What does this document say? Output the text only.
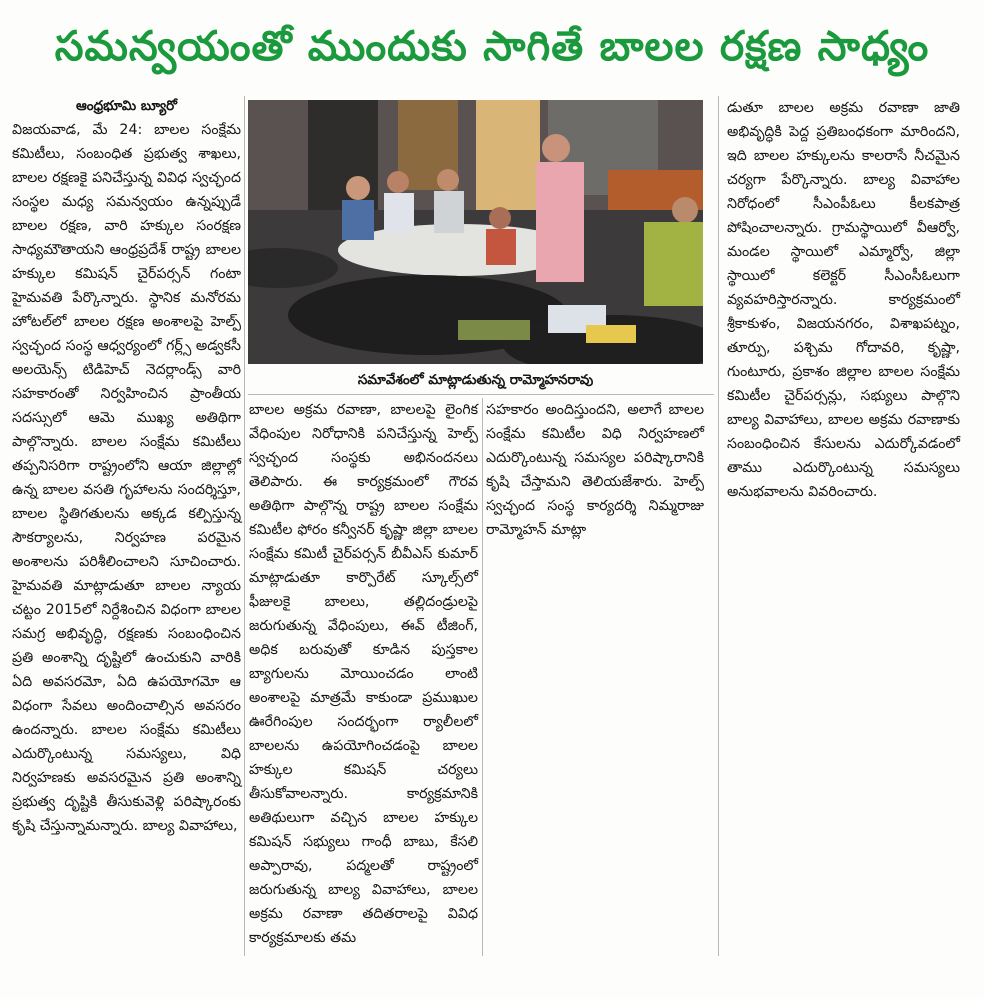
సమన్వయంతో ముందుకు సాగితే బాలల రక్షణ సాధ్యం
ఆంధ్రభూమి బ్యూరో

విజయవాడ, మే 24: బాలల సంక్షేమ కమిటీలు, సంబంధిత ప్రభుత్వ శాఖలు, బాలల రక్షణకై పనిచేస్తున్న వివిధ స్వచ్ఛంద సంస్థల మధ్య సమన్వయం ఉన్నప్పుడే బాలల రక్షణ, వారి హక్కుల సంరక్షణ సాధ్యమౌతాయని ఆంధ్రప్రదేశ్ రాష్ట్ర బాలల హక్కుల కమిషన్ చైర్‌పర్సన్ గంటా హైమవతి పేర్కొన్నారు. స్థానిక మనోరమ హోటల్‌లో బాలల రక్షణ అంశాలపై హెల్ప్ స్వచ్ఛంద సంస్థ ఆధ్వర్యంలో గర్ల్స్ అడ్వకసీ అలయెన్స్ టిడిహెచ్ నెదర్లాండ్స్ వారి సహకారంతో నిర్వహించిన ప్రాంతీయ సదస్సులో ఆమె ముఖ్య అతిథిగా పాల్గొన్నారు. బాలల సంక్షేమ కమిటీలు తప్పనిసరిగా రాష్ట్రంలోని ఆయా జిల్లాల్లో ఉన్న బాలల వసతి గృహాలను సందర్శిస్తూ, బాలల స్థితిగతులను అక్కడ కల్పిస్తున్న సౌకర్యాలను, నిర్వహణ పరమైన అంశాలను పరిశీలించాలని సూచించారు. హైమవతి మాట్లాడుతూ బాలల న్యాయ చట్టం 2015లో నిర్దేశించిన విధంగా బాలల సమగ్ర అభివృద్ధి, రక్షణకు సంబంధించిన ప్రతి అంశాన్ని దృష్టిలో ఉంచుకుని వారికి ఏది అవసరమో, ఏది ఉపయోగమో ఆ విధంగా సేవలు అందించాల్సిన అవసరం ఉందన్నారు. బాలల సంక్షేమ కమిటీలు ఎదుర్కొంటున్న సమస్యలు, విధి నిర్వహణకు అవసరమైన ప్రతి అంశాన్ని ప్రభుత్వ దృష్టికి తీసుకువెళ్లి పరిష్కారంకు కృషి చేస్తున్నామన్నారు. బాల్య వివాహాలు,

సమావేశంలో మాట్లాడుతున్న రామ్మోహనరావు

బాలల అక్రమ రవాణా, బాలలపై లైంగిక వేధింపుల నిరోధానికి పనిచేస్తున్న హెల్ప్ స్వచ్ఛంద సంస్థకు అభినందనలు తెలిపారు. ఈ కార్యక్రమంలో గౌరవ అతిథిగా పాల్గొన్న రాష్ట్ర బాలల సంక్షేమ కమిటీల ఫోరం కన్వీనర్ కృష్ణా జిల్లా బాలల సంక్షేమ కమిటీ చైర్‌పర్సన్ బీవీఎస్ కుమార్ మాట్లాడుతూ కార్పొరేట్ స్కూల్స్‌లో ఫీజులకై బాలలు, తల్లిదండ్రులపై జరుగుతున్న వేధింపులు, ఈవ్ టీజింగ్, అధిక బరువుతో కూడిన పుస్తకాల బ్యాగులను మోయించడం లాంటి అంశాలపై మాత్రమే కాకుండా ప్రముఖుల ఊరేగింపుల సందర్భంగా ర్యాలీలలో బాలలను ఉపయోగించడంపై బాలల హక్కుల కమిషన్ చర్యలు తీసుకోవాలన్నారు. కార్యక్రమానికి అతిథులుగా వచ్చిన బాలల హక్కుల కమిషన్ సభ్యులు గాంధీ బాబు, కేసలి అప్పారావు, పద్మలతో రాష్ట్రంలో జరుగుతున్న బాల్య వివాహాలు, బాలల అక్రమ రవాణా తదితరాలపై వివిధ కార్యక్రమాలకు తమ

సహకారం అందిస్తుందని, అలాగే బాలల సంక్షేమ కమిటీల విధి నిర్వహణలో ఎదుర్కొంటున్న సమస్యల పరిష్కారానికి కృషి చేస్తామని తెలియజేశారు. హెల్ప్ స్వచ్ఛంద సంస్థ కార్యదర్శి నిమ్మరాజు రామ్మోహన్ మాట్లా

డుతూ బాలల అక్రమ రవాణా జాతి అభివృద్ధికి పెద్ద ప్రతిబంధకంగా మారిందని, ఇది బాలల హక్కులను కాలరాసే నీచమైన చర్యగా పేర్కొన్నారు. బాల్య వివాహాల నిరోధంలో సీఎంపీఓలు కీలకపాత్ర పోషించాలన్నారు. గ్రామస్థాయిలో వీఆర్వో, మండల స్థాయిలో ఎమ్మార్వో, జిల్లా స్థాయిలో కలెక్టర్ సీఎంసీఓలుగా వ్యవహరిస్తారన్నారు. కార్యక్రమంలో శ్రీకాకుళం, విజయనగరం, విశాఖపట్నం, తూర్పు, పశ్చిమ గోదావరి, కృష్ణా, గుంటూరు, ప్రకాశం జిల్లాల బాలల సంక్షేమ కమిటీల చైర్‌పర్సన్లు, సభ్యులు పాల్గొని బాల్య వివాహాలు, బాలల అక్రమ రవాణాకు సంబంధించిన కేసులను ఎదుర్కోవడంలో తాము ఎదుర్కొంటున్న సమస్యలు అనుభవాలను వివరించారు.
